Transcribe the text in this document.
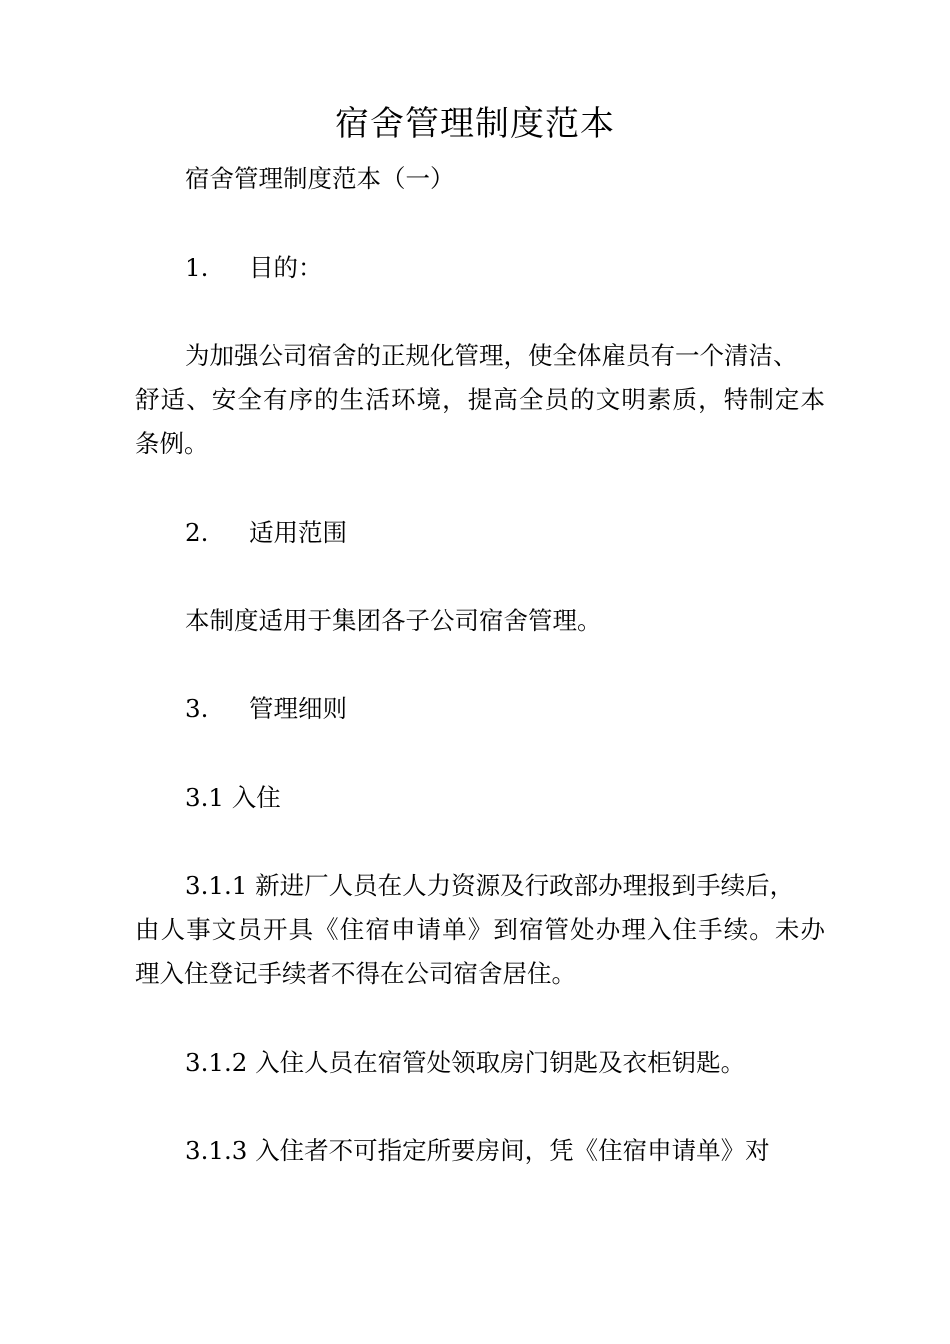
宿舍管理制度范本
宿舍管理制度范本（一）
1. 目的：
为加强公司宿舍的正规化管理，使全体雇员有一个清洁、
舒适、安全有序的生活环境，提高全员的文明素质，特制定本
条例。
2. 适用范围
本制度适用于集团各子公司宿舍管理。
3. 管理细则
3.1 入住
3.1.1 新进厂人员在人力资源及行政部办理报到手续后，
由人事文员开具《住宿申请单》到宿管处办理入住手续。未办
理入住登记手续者不得在公司宿舍居住。
3.1.2 入住人员在宿管处领取房门钥匙及衣柜钥匙。
3.1.3 入住者不可指定所要房间，凭《住宿申请单》对
